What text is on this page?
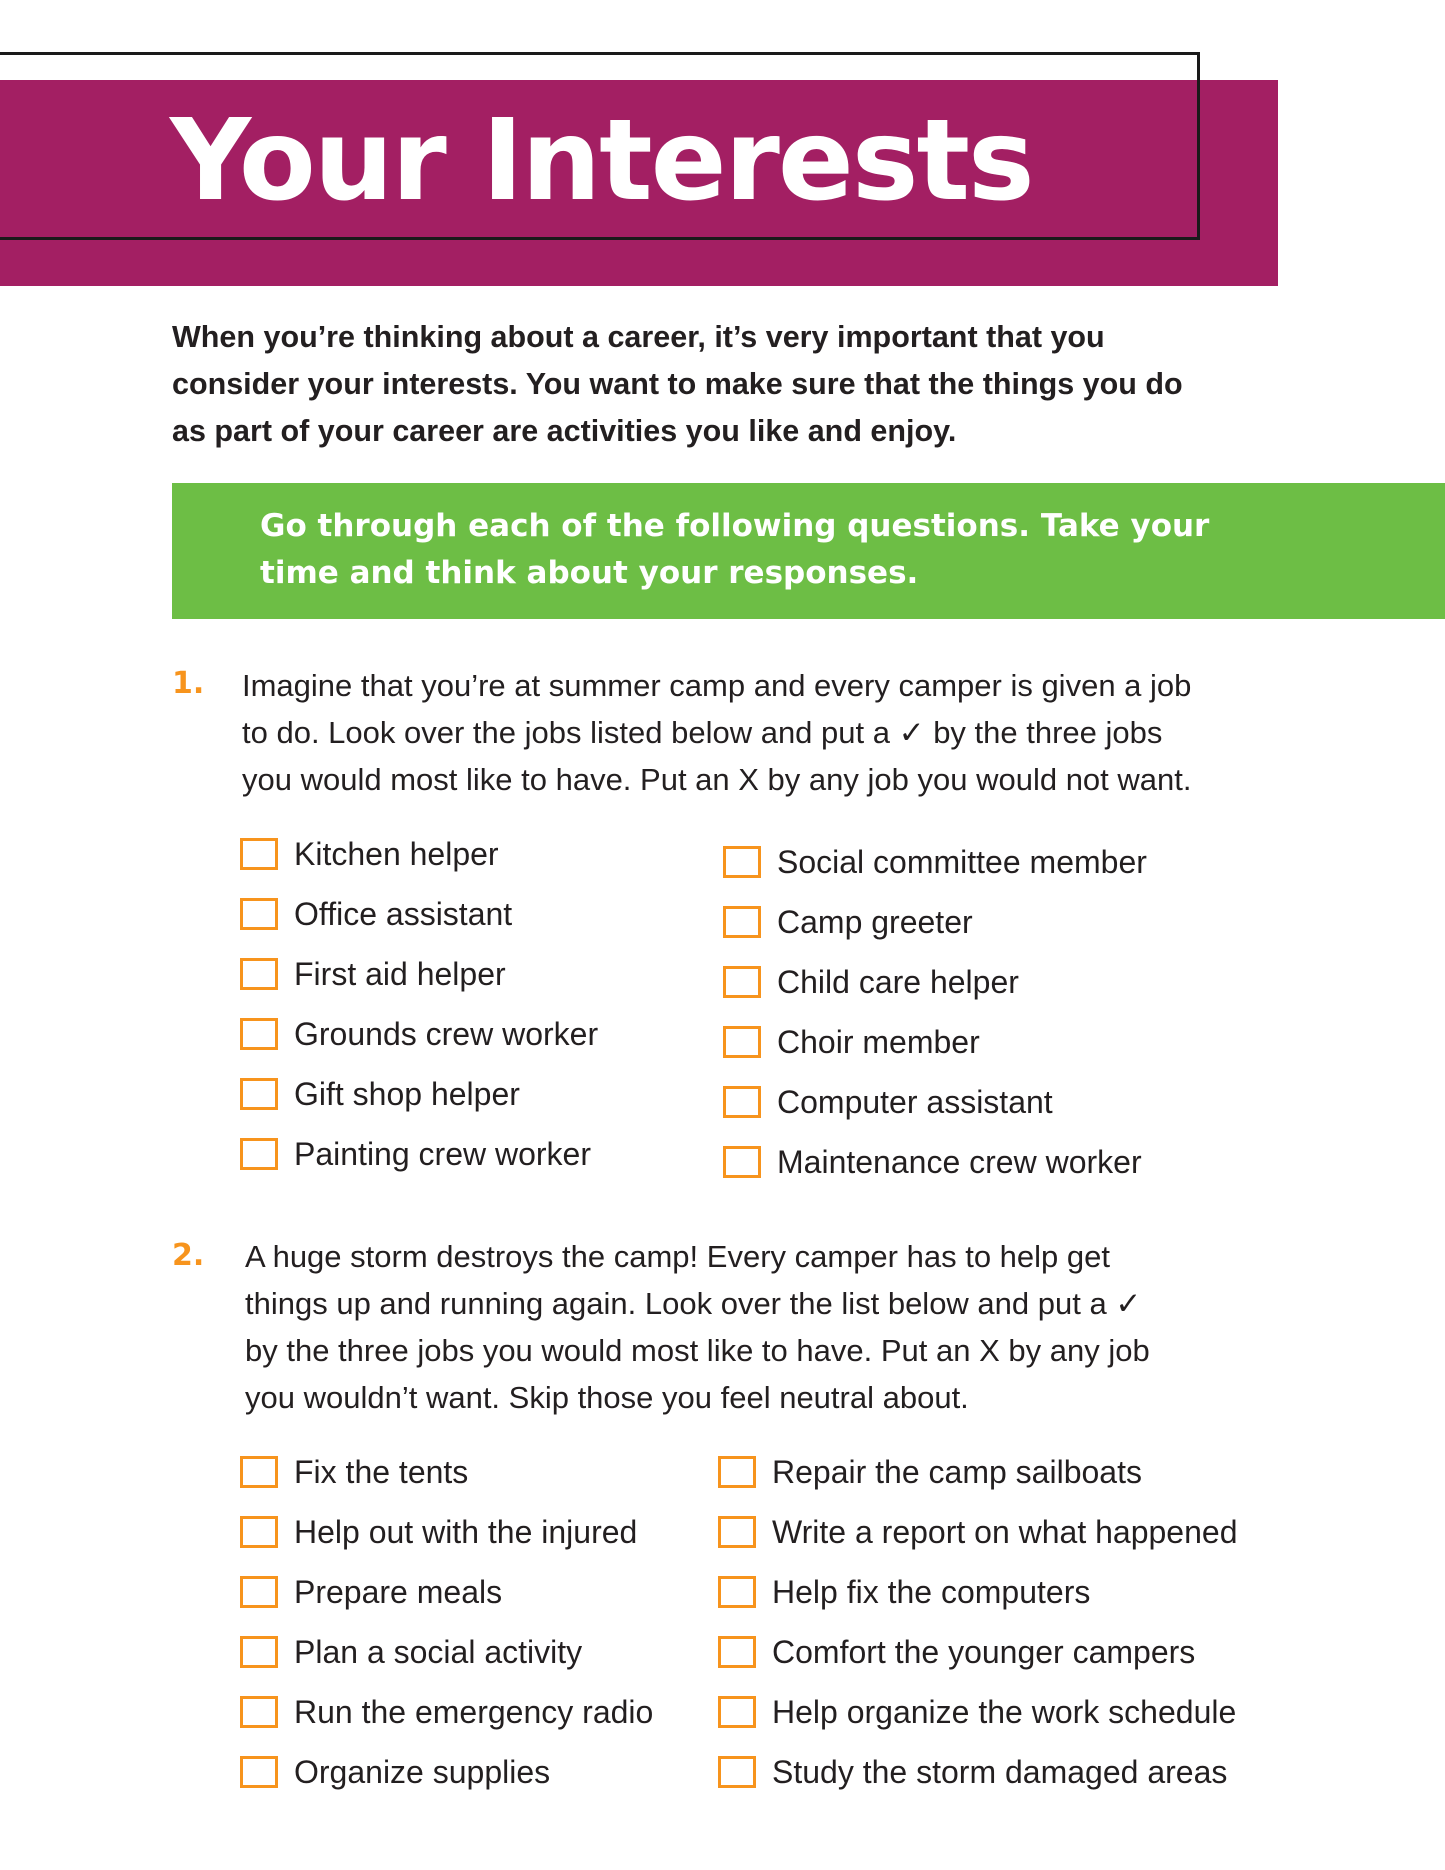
Your Interests

When you’re thinking about a career, it’s very important that you
consider your interests. You want to make sure that the things you do
as part of your career are activities you like and enjoy.

Go through each of the following questions. Take your
time and think about your responses.

1. Imagine that you’re at summer camp and every camper is given a job
to do. Look over the jobs listed below and put a ✓ by the three jobs
you would most like to have. Put an X by any job you would not want.

Kitchen helper
Office assistant
First aid helper
Grounds crew worker
Gift shop helper
Painting crew worker
Social committee member
Camp greeter
Child care helper
Choir member
Computer assistant
Maintenance crew worker
2. A huge storm destroys the camp! Every camper has to help get
things up and running again. Look over the list below and put a ✓
by the three jobs you would most like to have. Put an X by any job
you wouldn’t want. Skip those you feel neutral about.

Fix the tents
Help out with the injured
Prepare meals
Plan a social activity
Run the emergency radio
Organize supplies
Repair the camp sailboats
Write a report on what happened
Help fix the computers
Comfort the younger campers
Help organize the work schedule
Study the storm damaged areas
